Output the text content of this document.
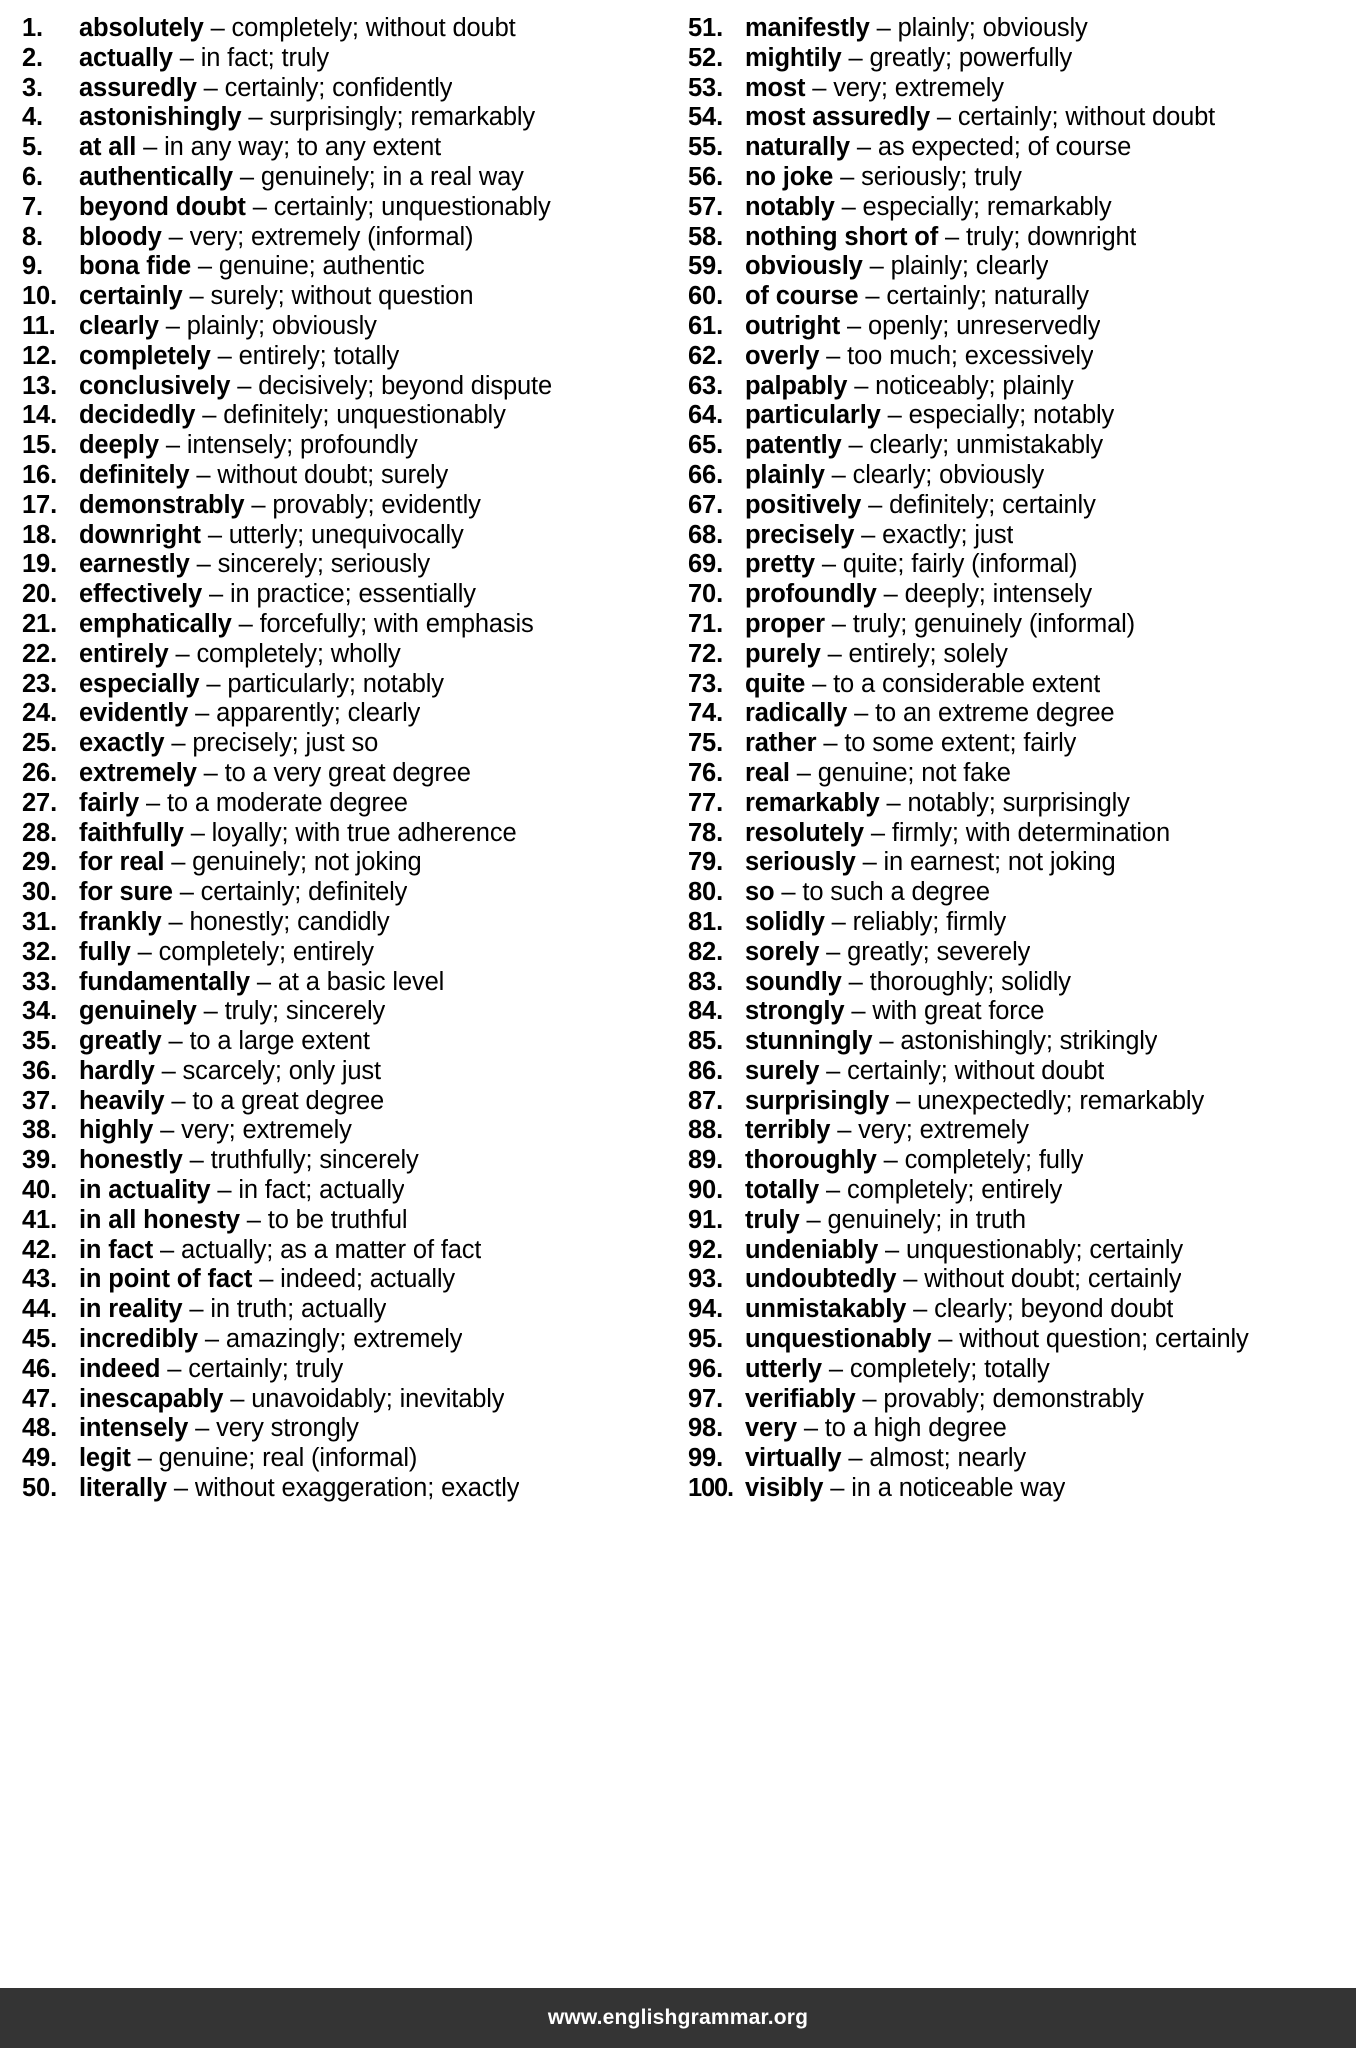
1.	absolutely
–
completely; without doubt
2.	actually
–
in fact; truly
3.	assuredly
–
certainly; confidently
4.	astonishingly
–
surprisingly; remarkably
5.	at all
–
in any way; to any extent
6.	authentically
–
genuinely; in a real way
7.	beyond doubt
–
certainly; unquestionably
8.	bloody
–
very; extremely (informal)
9.	bona fide
–
genuine; authentic
10. certainly
–
surely; without question
11. clearly
–
plainly; obviously
12. completely
–
entirely; totally
13. conclusively
–
decisively; beyond dispute
14. decidedly
–
definitely; unquestionably
15. deeply
–
intensely; profoundly
16. definitely
–
without doubt; surely
17. demonstrably
–
provably; evidently
18. downright
–
utterly; unequivocally
19. earnestly
–
sincerely; seriously
20. effectively
–
in practice; essentially
21. emphatically
–
forcefully; with emphasis
22. entirely
–
completely; wholly
23. especially
–
particularly; notably
24. evidently
–
apparently; clearly
25. exactly
–
precisely; just so
26. extremely
–
to a very great degree
27. fairly
–
to a moderate degree
28. faithfully
–
loyally; with true adherence
29. for real
–
genuinely; not joking
30. for sure
–
certainly; definitely
31. frankly
–
honestly; candidly
32. fully
–
completely; entirely
33. fundamentally
–
at a basic level
34. genuinely
–
truly; sincerely
35. greatly
–
to a large extent
36. hardly
–
scarcely; only just
37. heavily
–
to a great degree
38. highly
–
very; extremely
39. honestly
–
truthfully; sincerely
40. in actuality
–
in fact; actually
41. in all honesty
–
to be truthful
42. in fact
–
actually; as a matter of fact
43. in point of fact
–
indeed; actually
44. in reality
–
in truth; actually
45. incredibly
–
amazingly; extremely
46. indeed
–
certainly; truly
47. inescapably
–
unavoidably; inevitably
48. intensely
–
very strongly
49. legit
–
genuine; real (informal)
50. literally
–
without exaggeration; exactly
51. manifestly
–
plainly; obviously
52. mightily
–
greatly; powerfully
53. most
–
very; extremely
54. most assuredly
–
certainly; without doubt
55. naturally
–
as expected; of course
56. no joke
–
seriously; truly
57. notably
–
especially; remarkably
58. nothing short of
–
truly; downright
59. obviously
–
plainly; clearly
60. of course
–
certainly; naturally
61. outright
–
openly; unreservedly
62. overly
–
too much; excessively
63. palpably
–
noticeably; plainly
64. particularly
–
especially; notably
65. patently
–
clearly; unmistakably
66. plainly
–
clearly; obviously
67. positively
–
definitely; certainly
68. precisely
–
exactly; just
69. pretty
–
quite; fairly (informal)
70. profoundly
–
deeply; intensely
71. proper
–
truly; genuinely (informal)
72. purely
–
entirely; solely
73. quite
–
to a considerable extent
74. radically
–
to an extreme degree
75. rather
–
to some extent; fairly
76. real
–
genuine; not fake
77. remarkably
–
notably; surprisingly
78. resolutely
–
firmly; with determination
79. seriously
–
in earnest; not joking
80. so
–
to such a degree
81. solidly
–
reliably; firmly
82. sorely
–
greatly; severely
83. soundly
–
thoroughly; solidly
84. strongly
–
with great force
85. stunningly
–
astonishingly; strikingly
86. surely
–
certainly; without doubt
87. surprisingly
–
unexpectedly; remarkably
88. terribly
–
very; extremely
89. thoroughly
–
completely; fully
90. totally
–
completely; entirely
91. truly
–
genuinely; in truth
92. undeniably
–
unquestionably; certainly
93. undoubtedly
–
without doubt; certainly
94. unmistakably
–
clearly; beyond doubt
95. unquestionably
–
without question; certainly
96. utterly
–
completely; totally
97. verifiably
–
provably; demonstrably
98. very
–
to a high degree
99. virtually
–
almost; nearly
100. visibly
–
in a noticeable way
www.englishgrammar.org
